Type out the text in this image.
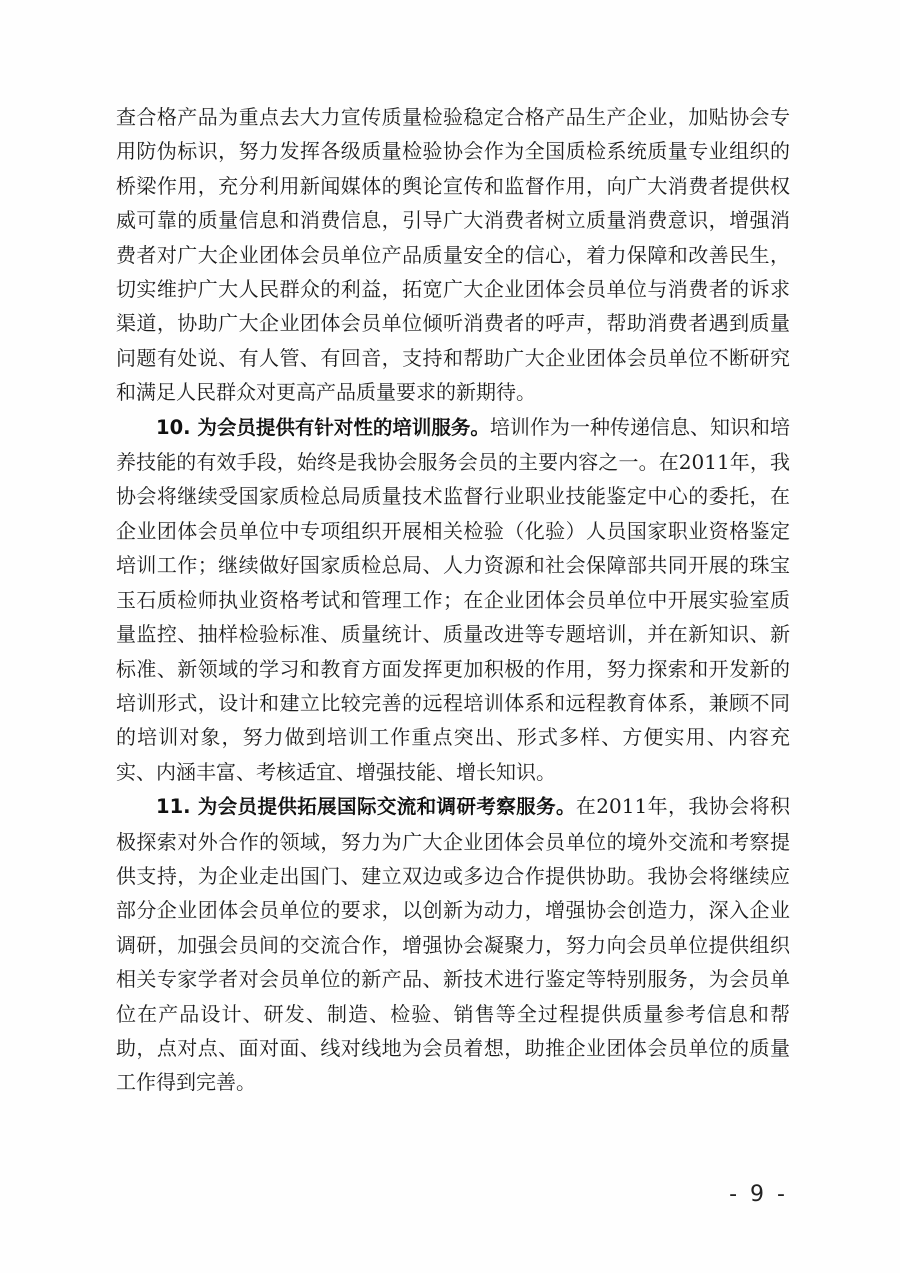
查合格产品为重点去大力宣传质量检验稳定合格产品生产企业，加贴协会专用防伪标识，努力发挥各级质量检验协会作为全国质检系统质量专业组织的桥梁作用，充分利用新闻媒体的舆论宣传和监督作用，向广大消费者提供权威可靠的质量信息和消费信息，引导广大消费者树立质量消费意识，增强消费者对广大企业团体会员单位产品质量安全的信心，着力保障和改善民生，切实维护广大人民群众的利益，拓宽广大企业团体会员单位与消费者的诉求渠道，协助广大企业团体会员单位倾听消费者的呼声，帮助消费者遇到质量问题有处说、有人管、有回音，支持和帮助广大企业团体会员单位不断研究和满足人民群众对更高产品质量要求的新期待。

10. 为会员提供有针对性的培训服务。培训作为一种传递信息、知识和培养技能的有效手段，始终是我协会服务会员的主要内容之一。在2011年，我协会将继续受国家质检总局质量技术监督行业职业技能鉴定中心的委托，在企业团体会员单位中专项组织开展相关检验（化验）人员国家职业资格鉴定培训工作；继续做好国家质检总局、人力资源和社会保障部共同开展的珠宝玉石质检师执业资格考试和管理工作；在企业团体会员单位中开展实验室质量监控、抽样检验标准、质量统计、质量改进等专题培训，并在新知识、新标准、新领域的学习和教育方面发挥更加积极的作用，努力探索和开发新的培训形式，设计和建立比较完善的远程培训体系和远程教育体系，兼顾不同的培训对象，努力做到培训工作重点突出、形式多样、方便实用、内容充实、内涵丰富、考核适宜、增强技能、增长知识。

11. 为会员提供拓展国际交流和调研考察服务。在2011年，我协会将积极探索对外合作的领域，努力为广大企业团体会员单位的境外交流和考察提供支持，为企业走出国门、建立双边或多边合作提供协助。我协会将继续应部分企业团体会员单位的要求，以创新为动力，增强协会创造力，深入企业调研，加强会员间的交流合作，增强协会凝聚力，努力向会员单位提供组织相关专家学者对会员单位的新产品、新技术进行鉴定等特别服务，为会员单位在产品设计、研发、制造、检验、销售等全过程提供质量参考信息和帮助，点对点、面对面、线对线地为会员着想，助推企业团体会员单位的质量工作得到完善。

- 9 -
